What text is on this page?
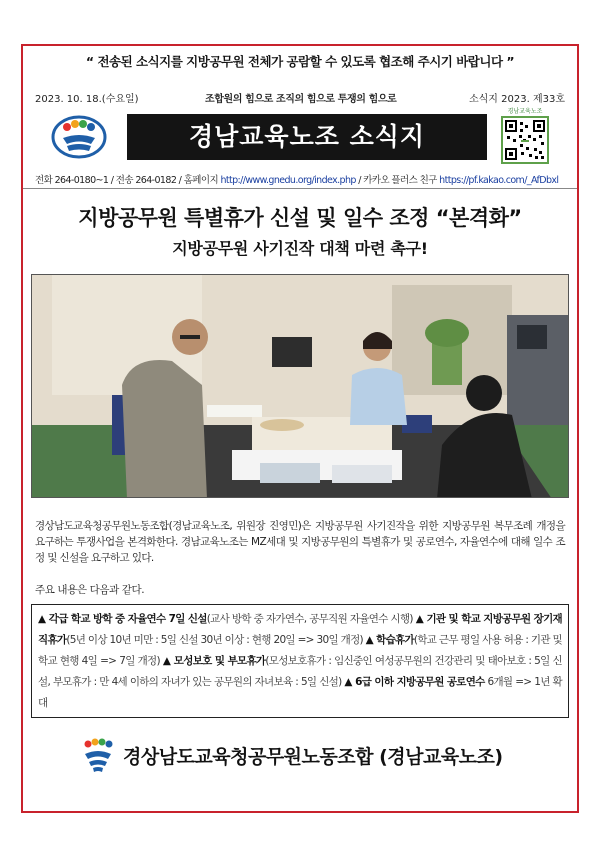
“ 전송된 소식지를 지방공무원 전체가 공람할 수 있도록 협조해 주시기 바랍니다 ”
2023. 10. 18.(수요일)	조합원의 힘으로 조직의 힘으로 투쟁의 힘으로	소식지 2023. 제33호
경남교육노조 소식지
경남교육노조
전화 264-0180~1 / 전송 264-0182 / 홈페이지 http://www.gnedu.org/index.php / 카카오 플러스 친구 https://pf.kakao.com/_AfDbxl
지방공무원 특별휴가 신설 및 일수 조정 “본격화”
지방공무원 사기진작 대책 마련 촉구!
경상남도교육청공무원노동조합(경남교육노조, 위원장 진영민)은 지방공무원 사기진작을 위한 지방공무원 복무조례 개정을 요구하는 투쟁사업을 본격화한다. 경남교육노조는 MZ세대 및 지방공무원의 특별휴가 및 공로연수, 자율연수에 대해 일수 조정 및 신설을 요구하고 있다.
주요 내용은 다음과 같다.
▲ 각급 학교 방학 중 자율연수 7일 신설(교사 방학 중 자가연수, 공무직원 자율연수 시행) ▲ 기관 및 학교 지방공무원 장기재직휴가(5년 이상 10년 미만 : 5일 신설 30년 이상 : 현행 20일 => 30일 개정) ▲ 학습휴가(학교 근무 평일 사용 허용 : 기관 및 학교 현행 4일 => 7일 개정) ▲ 모성보호 및 부모휴가(모성보호휴가 : 임신중인 여성공무원의 건강관리 및 태아보호 : 5일 신설, 부모휴가 : 만 4세 이하의 자녀가 있는 공무원의 자녀보육 : 5일 신설) ▲ 6급 이하 지방공무원 공로연수 6개월 => 1년 확대
경상남도교육청공무원노동조합 (경남교육노조)
